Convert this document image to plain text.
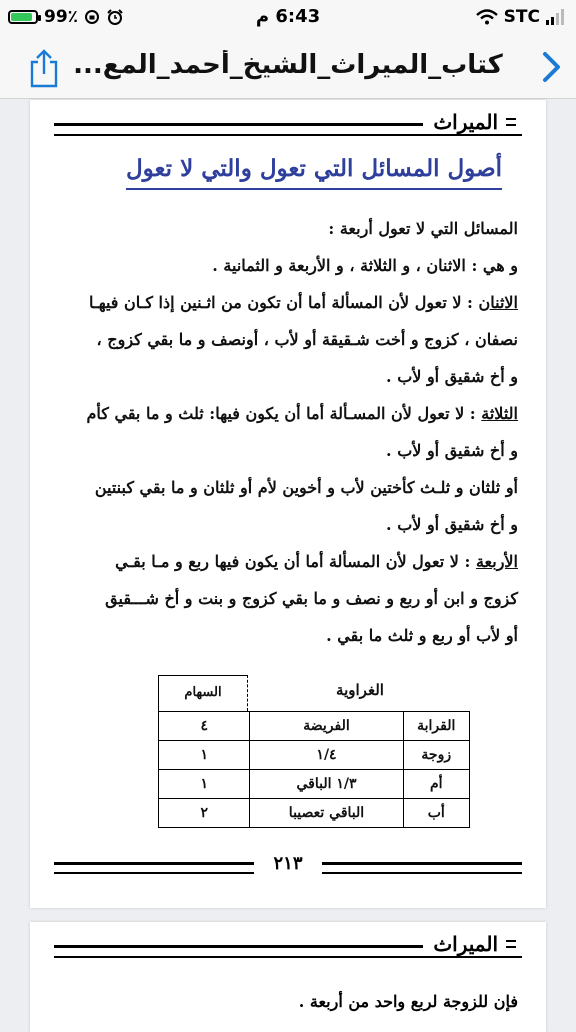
99٪	6:43 م	STC
كتاب_الميراث_الشيخ_أحمد_المع...
الميراث
أصول المسائل التي تعول والتي لا تعول

المسائل التي لا تعول أربعة :

و هي : الاثنان ، و الثلاثة ، و الأربعة و الثمانية .

الاثنان : لا تعول لأن المسألة أما أن تكون من اثـنين إذا كـان فيهـا

نصفان ، كزوج و أخت شـقيقة أو لأب ، أونصف و ما بقي كزوج ،

و أخ شقيق أو لأب .

الثلاثة : لا تعول لأن المسـألة أما أن يكون فيها: ثلث و ما بقي كأم

و أخ شقيق أو لأب .

أو ثلثان و ثلـث كأختين لأب و أخوين لأم أو ثلثان و ما بقي كبنتين

و أخ شقيق أو لأب .

الأربعة : لا تعول لأن المسألة أما أن يكون فيها ربع و مـا بقـي

كزوج و ابن أو ربع و نصف و ما بقي كزوج و بنت و أخ شـــقيق

أو لأب أو ربع و ثلث ما بقي .

الغراوية
السهام
القرابة	الفريضة	٤
زوجة	١/٤	١
أم	١/٣ الباقي	١
أب	الباقي تعصيبا	٢
٢١٣
الميراث
فإن للزوجة لربع واحد من أربعة .
